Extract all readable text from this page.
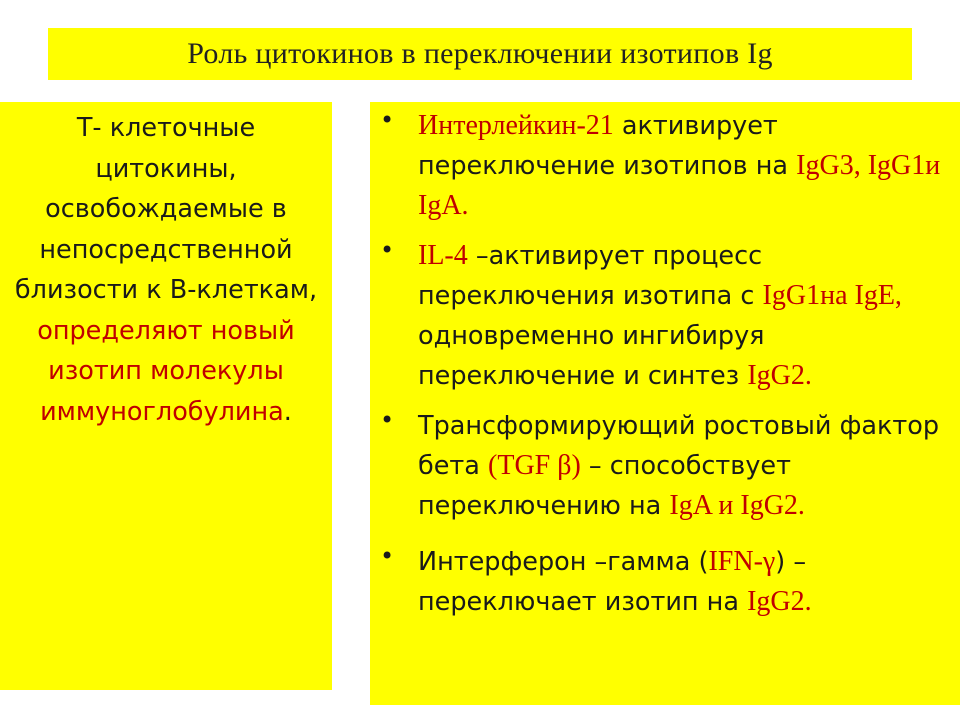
Роль цитокинов в переключении изотипов Ig

Т- клеточные цитокины, освобождаемые в непосредственной близости к В-клеткам, определяют новый изотип молекулы иммуноглобулина.

• Интерлейкин-21 активирует переключение изотипов на IgG3, IgG1и IgA.
• IL-4 –активирует процесс переключения изотипа с IgG1на IgE, одновременно ингибируя переключение и синтез IgG2.
• Трансформирующий ростовый фактор бета (TGF β) – способствует переключению на IgA и IgG2.
• Интерферон –гамма (IFN-γ) – переключает изотип на IgG2.
